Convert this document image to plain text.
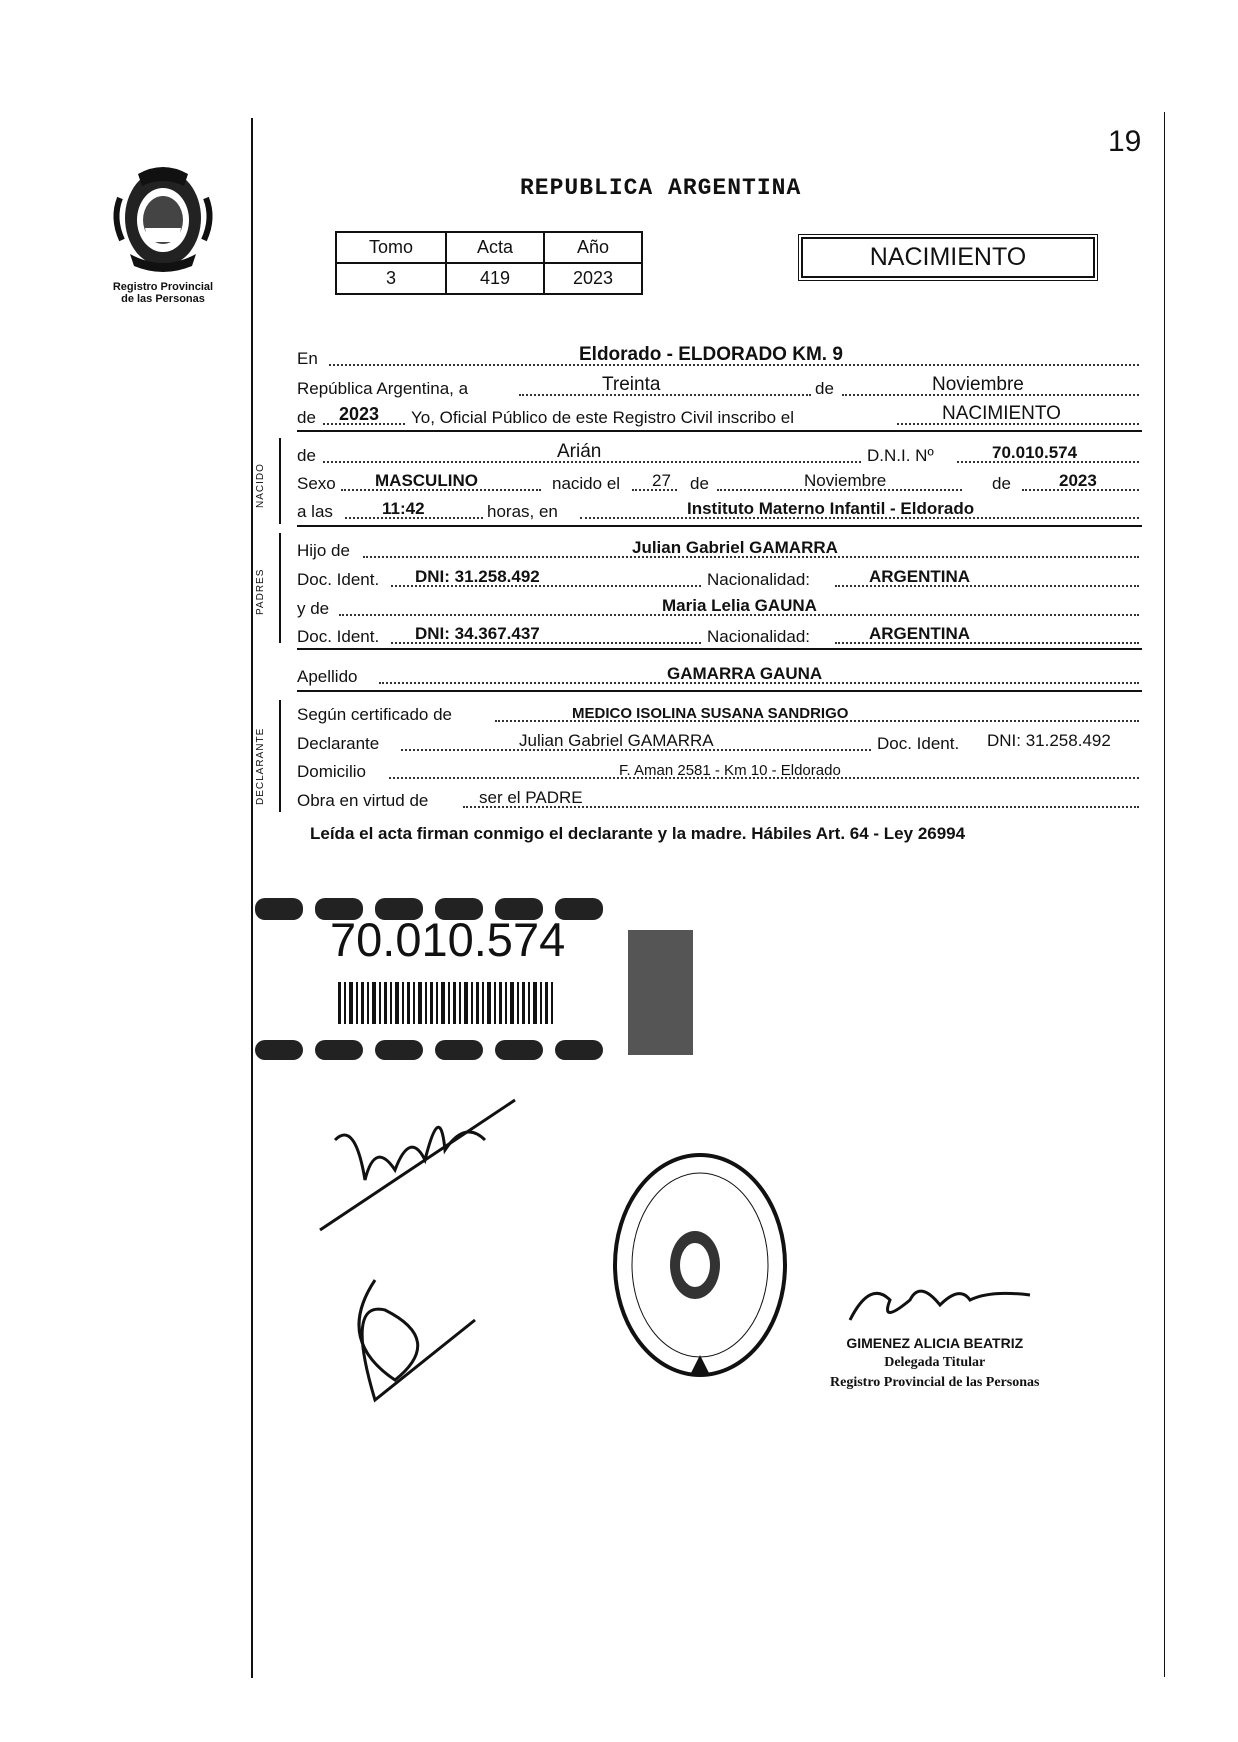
19
Registro Provincial
de las Personas
REPUBLICA ARGENTINA
Tomo	Acta	Año
3	419	2023
NACIMIENTO
En	Eldorado - ELDORADO KM. 9
República Argentina, a	Treinta	de	Noviembre
de 2023 Yo, Oficial Público de este Registro Civil inscribo el	NACIMIENTO
NACIDO
de	Arián	D.N.I. Nº	70.010.574
Sexo MASCULINO	nacido el 27 de	Noviembre	de	2023
a las	11:42	horas, en	Instituto Materno Infantil - Eldorado
PADRES
Hijo de	Julian Gabriel GAMARRA
Doc. Ident. DNI: 31.258.492	Nacionalidad:	ARGENTINA
y de	Maria Lelia GAUNA
Doc. Ident. DNI: 34.367.437	Nacionalidad:	ARGENTINA
Apellido	GAMARRA GAUNA
DECLARANTE
Según certificado de	MEDICO ISOLINA SUSANA SANDRIGO
Declarante	Julian Gabriel GAMARRA	Doc. Ident. DNI: 31.258.492
Domicilio	F. Aman 2581 - Km 10 - Eldorado
Obra en virtud de	ser el PADRE
Leída el acta firman conmigo el declarante y la madre. Hábiles Art. 64 - Ley 26994
70.010.574
GIMENEZ ALICIA BEATRIZ
Delegada Titular
Registro Provincial de las Personas
